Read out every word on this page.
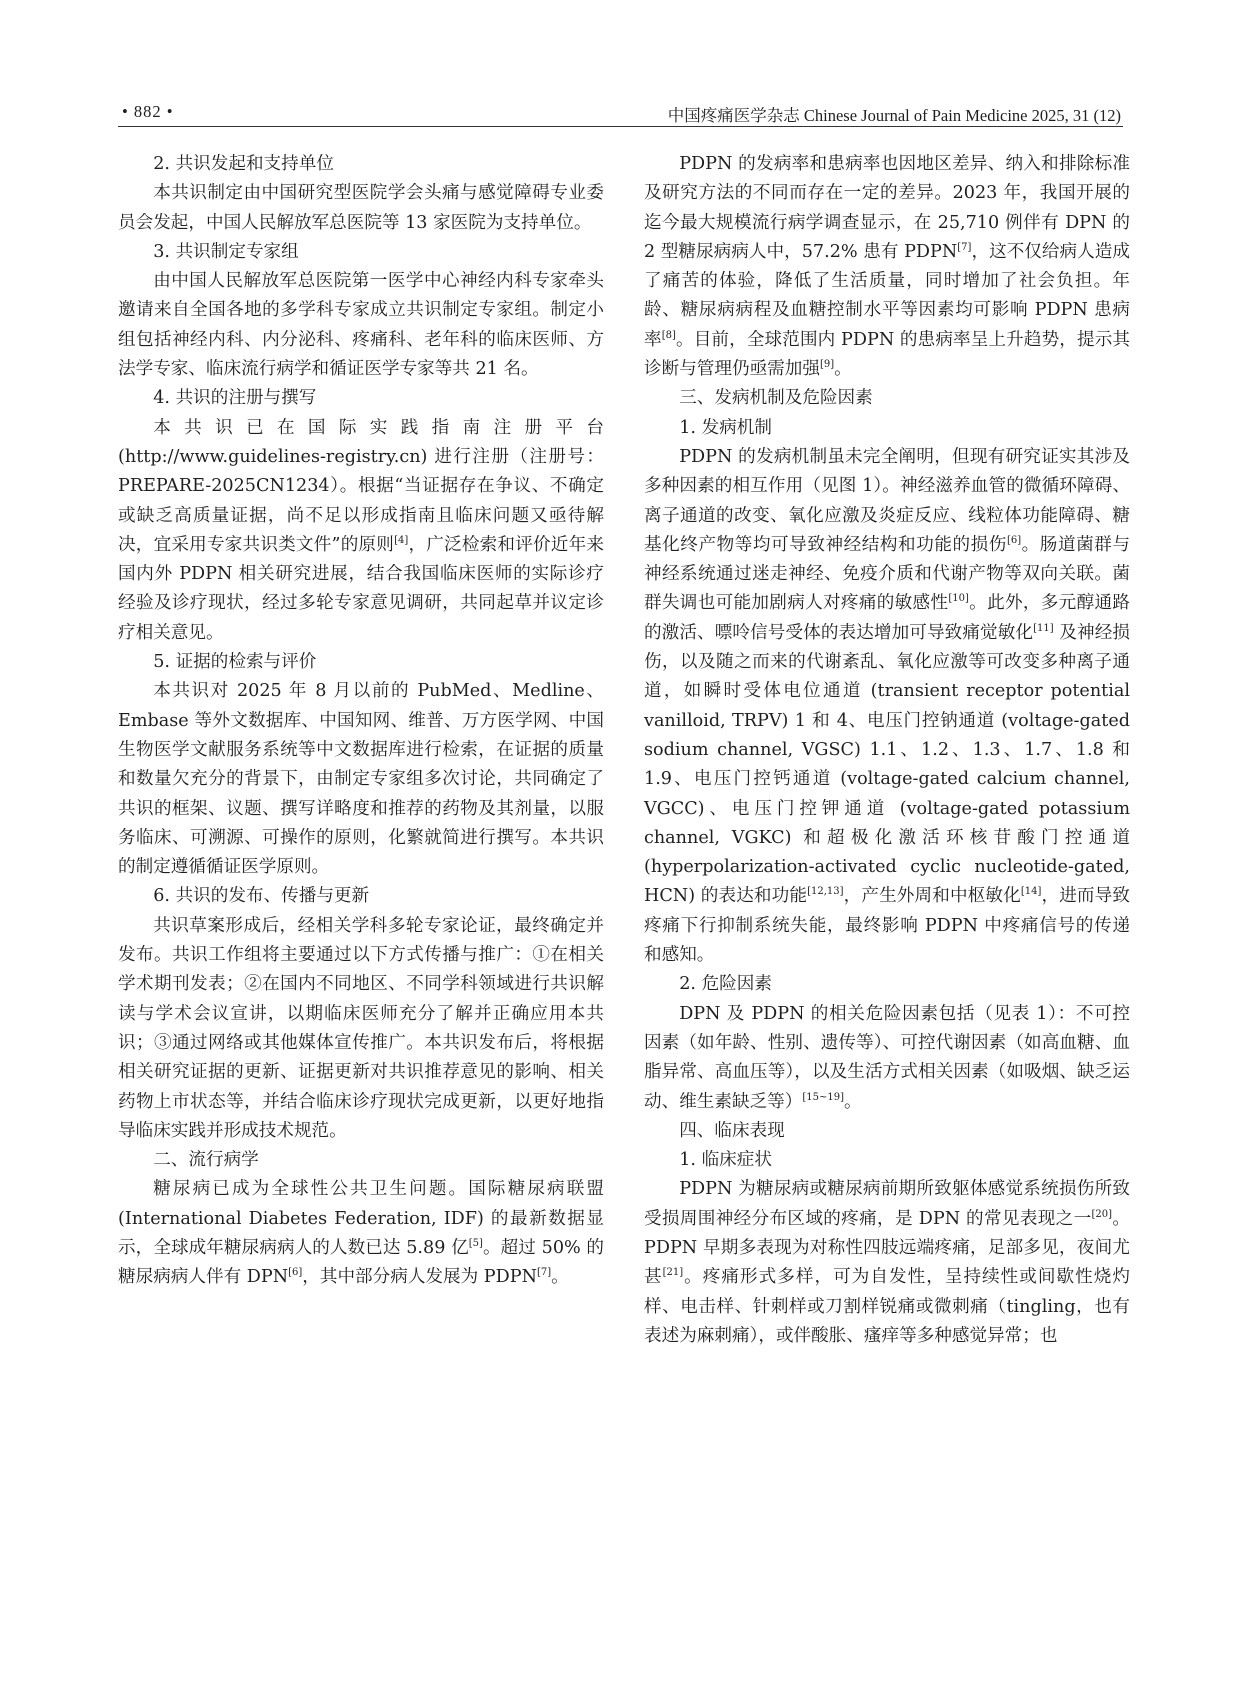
• 882 •	中国疼痛医学杂志 Chinese Journal of Pain Medicine 2025, 31 (12)

2. 共识发起和支持单位

本共识制定由中国研究型医院学会头痛与感觉障碍专业委员会发起，中国人民解放军总医院等 13 家医院为支持单位。

3. 共识制定专家组

由中国人民解放军总医院第一医学中心神经内科专家牵头邀请来自全国各地的多学科专家成立共识制定专家组。制定小组包括神经内科、内分泌科、疼痛科、老年科的临床医师、方法学专家、临床流行病学和循证医学专家等共 21 名。

4. 共识的注册与撰写

本共识已在国际实践指南注册平台 (http://www.guidelines-registry.cn) 进行注册（注册号：PREPARE-2025CN1234）。根据“当证据存在争议、不确定或缺乏高质量证据，尚不足以形成指南且临床问题又亟待解决，宜采用专家共识类文件”的原则[4]，广泛检索和评价近年来国内外 PDPN 相关研究进展，结合我国临床医师的实际诊疗经验及诊疗现状，经过多轮专家意见调研，共同起草并议定诊疗相关意见。

5. 证据的检索与评价

本共识对 2025 年 8 月以前的 PubMed、Medline、Embase 等外文数据库、中国知网、维普、万方医学网、中国生物医学文献服务系统等中文数据库进行检索，在证据的质量和数量欠充分的背景下，由制定专家组多次讨论，共同确定了共识的框架、议题、撰写详略度和推荐的药物及其剂量，以服务临床、可溯源、可操作的原则，化繁就简进行撰写。本共识的制定遵循循证医学原则。

6. 共识的发布、传播与更新

共识草案形成后，经相关学科多轮专家论证，最终确定并发布。共识工作组将主要通过以下方式传播与推广：①在相关学术期刊发表；②在国内不同地区、不同学科领域进行共识解读与学术会议宣讲，以期临床医师充分了解并正确应用本共识；③通过网络或其他媒体宣传推广。本共识发布后，将根据相关研究证据的更新、证据更新对共识推荐意见的影响、相关药物上市状态等，并结合临床诊疗现状完成更新，以更好地指导临床实践并形成技术规范。

二、流行病学

糖尿病已成为全球性公共卫生问题。国际糖尿病联盟 (International Diabetes Federation, IDF) 的最新数据显示，全球成年糖尿病病人的人数已达 5.89 亿[5]。超过 50% 的糖尿病病人伴有 DPN[6]，其中部分病人发展为 PDPN[7]。

PDPN 的发病率和患病率也因地区差异、纳入和排除标准及研究方法的不同而存在一定的差异。2023 年，我国开展的迄今最大规模流行病学调查显示，在 25,710 例伴有 DPN 的 2 型糖尿病病人中，57.2% 患有 PDPN[7]，这不仅给病人造成了痛苦的体验，降低了生活质量，同时增加了社会负担。年龄、糖尿病病程及血糖控制水平等因素均可影响 PDPN 患病率[8]。目前，全球范围内 PDPN 的患病率呈上升趋势，提示其诊断与管理仍亟需加强[9]。

三、发病机制及危险因素

1. 发病机制

PDPN 的发病机制虽未完全阐明，但现有研究证实其涉及多种因素的相互作用（见图 1）。神经滋养血管的微循环障碍、离子通道的改变、氧化应激及炎症反应、线粒体功能障碍、糖基化终产物等均可导致神经结构和功能的损伤[6]。肠道菌群与神经系统通过迷走神经、免疫介质和代谢产物等双向关联。菌群失调也可能加剧病人对疼痛的敏感性[10]。此外，多元醇通路的激活、嘌呤信号受体的表达增加可导致痛觉敏化[11] 及神经损伤，以及随之而来的代谢紊乱、氧化应激等可改变多种离子通道，如瞬时受体电位通道 (transient receptor potential vanilloid, TRPV) 1 和 4、电压门控钠通道 (voltage-gated sodium channel, VGSC) 1.1、1.2、1.3、1.7、1.8 和 1.9、电压门控钙通道 (voltage-gated calcium channel, VGCC)、电压门控钾通道 (voltage-gated potassium channel, VGKC) 和超极化激活环核苷酸门控通道 (hyperpolarization-activated cyclic nucleotide-gated, HCN) 的表达和功能[12,13]，产生外周和中枢敏化[14]，进而导致疼痛下行抑制系统失能，最终影响 PDPN 中疼痛信号的传递和感知。

2. 危险因素

DPN 及 PDPN 的相关危险因素包括（见表 1）：不可控因素（如年龄、性别、遗传等）、可控代谢因素（如高血糖、血脂异常、高血压等），以及生活方式相关因素（如吸烟、缺乏运动、维生素缺乏等）[15~19]。

四、临床表现

1. 临床症状

PDPN 为糖尿病或糖尿病前期所致躯体感觉系统损伤所致受损周围神经分布区域的疼痛，是 DPN 的常见表现之一[20]。PDPN 早期多表现为对称性四肢远端疼痛，足部多见，夜间尤甚[21]。疼痛形式多样，可为自发性，呈持续性或间歇性烧灼样、电击样、针刺样或刀割样锐痛或微刺痛（tingling，也有表述为麻刺痛），或伴酸胀、瘙痒等多种感觉异常；也
